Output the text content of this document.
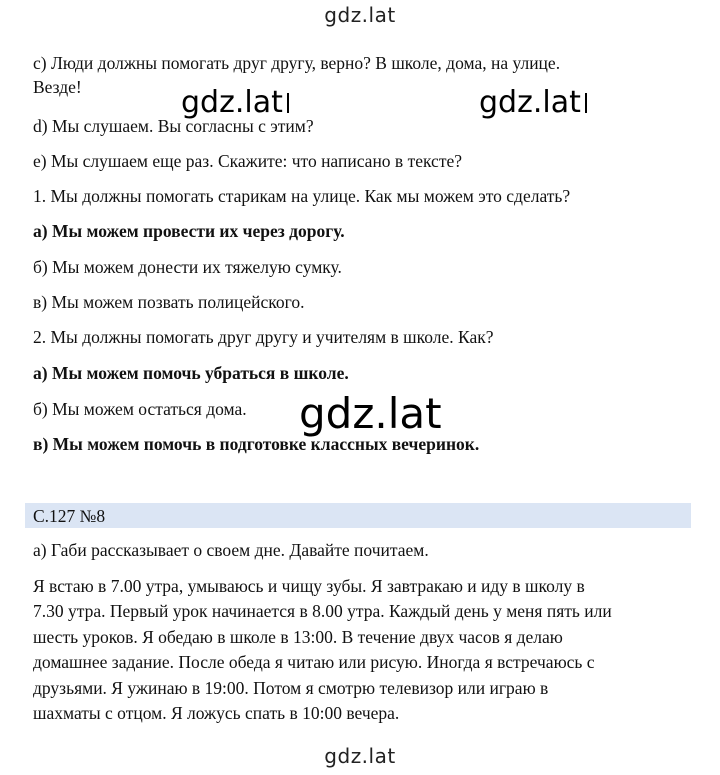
gdz.lat
с) Люди должны помогать друг другу, верно? В школе, дома, на улице.
Везде!	gdz.lat	gdz.lat
d) Мы слушаем. Вы согласны с этим?
е) Мы слушаем еще раз. Скажите: что написано в тексте?
1. Мы должны помогать старикам на улице. Как мы можем это сделать?
а) Мы можем провести их через дорогу.
б) Мы можем донести их тяжелую сумку.
в) Мы можем позвать полицейского.
2. Мы должны помогать друг другу и учителям в школе. Как?
а) Мы можем помочь убраться в школе.
б) Мы можем остаться дома. gdz.lat
в) Мы можем помочь в подготовке классных вечеринок.
С.127 №8
а) Габи рассказывает о своем дне. Давайте почитаем.
Я встаю в 7.00 утра, умываюсь и чищу зубы. Я завтракаю и иду в школу в
7.30 утра. Первый урок начинается в 8.00 утра. Каждый день у меня пять или
шесть уроков. Я обедаю в школе в 13:00. В течение двух часов я делаю
домашнее задание. После обеда я читаю или рисую. Иногда я встречаюсь с
друзьями. Я ужинаю в 19:00. Потом я смотрю телевизор или играю в
шахматы с отцом. Я ложусь спать в 10:00 вечера.
gdz.lat
